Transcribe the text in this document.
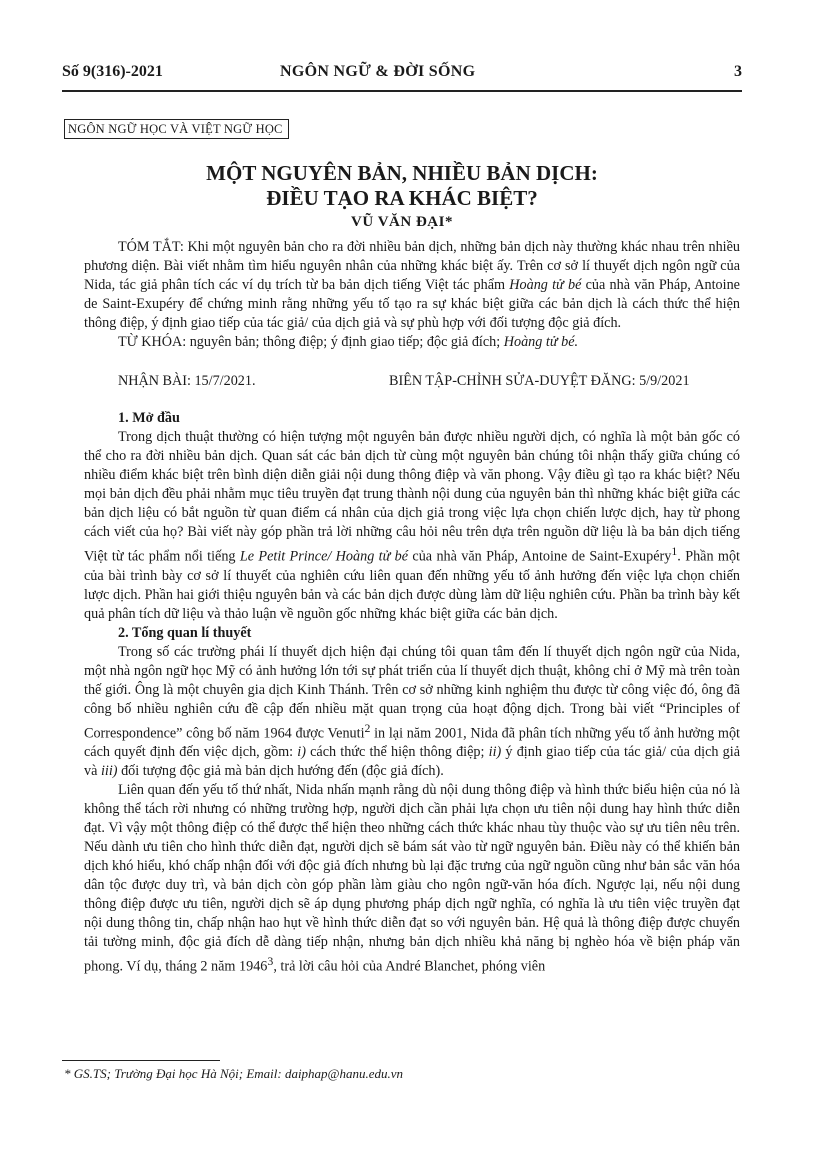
Số 9(316)-2021	NGÔN NGỮ & ĐỜI SỐNG	3
NGÔN NGỮ HỌC VÀ VIỆT NGỮ HỌC
MỘT NGUYÊN BẢN, NHIỀU BẢN DỊCH:
ĐIỀU TẠO RA KHÁC BIỆT?
VŨ VĂN ĐẠI*

TÓM TẮT: Khi một nguyên bản cho ra đời nhiều bản dịch, những bản dịch này thường khác nhau trên nhiều phương diện. Bài viết nhằm tìm hiểu nguyên nhân của những khác biệt ấy. Trên cơ sở lí thuyết dịch ngôn ngữ của Nida, tác giả phân tích các ví dụ trích từ ba bản dịch tiếng Việt tác phẩm Hoàng tử bé của nhà văn Pháp, Antoine de Saint-Exupéry để chứng minh rằng những yếu tố tạo ra sự khác biệt giữa các bản dịch là cách thức thể hiện thông điệp, ý định giao tiếp của tác giả/ của dịch giả và sự phù hợp với đối tượng độc giả đích.

TỪ KHÓA: nguyên bản; thông điệp; ý định giao tiếp; độc giả đích; Hoàng tử bé.

NHẬN BÀI: 15/7/2021.	BIÊN TẬP-CHỈNH SỬA-DUYỆT ĐĂNG: 5/9/2021
1. Mở đầu

Trong dịch thuật thường có hiện tượng một nguyên bản được nhiều người dịch, có nghĩa là một bản gốc có thể cho ra đời nhiều bản dịch. Quan sát các bản dịch từ cùng một nguyên bản chúng tôi nhận thấy giữa chúng có nhiều điểm khác biệt trên bình diện diễn giải nội dung thông điệp và văn phong. Vậy điều gì tạo ra khác biệt? Nếu mọi bản dịch đều phải nhằm mục tiêu truyền đạt trung thành nội dung của nguyên bản thì những khác biệt giữa các bản dịch liệu có bắt nguồn từ quan điểm cá nhân của dịch giả trong việc lựa chọn chiến lược dịch, hay từ phong cách viết của họ? Bài viết này góp phần trả lời những câu hỏi nêu trên dựa trên nguồn dữ liệu là ba bản dịch tiếng Việt từ tác phẩm nổi tiếng Le Petit Prince/ Hoàng tử bé của nhà văn Pháp, Antoine de Saint-Exupéry$^1$. Phần một của bài trình bày cơ sở lí thuyết của nghiên cứu liên quan đến những yếu tố ảnh hưởng đến việc lựa chọn chiến lược dịch. Phần hai giới thiệu nguyên bản và các bản dịch được dùng làm dữ liệu nghiên cứu. Phần ba trình bày kết quả phân tích dữ liệu và thảo luận về nguồn gốc những khác biệt giữa các bản dịch.

2. Tổng quan lí thuyết

Trong số các trường phái lí thuyết dịch hiện đại chúng tôi quan tâm đến lí thuyết dịch ngôn ngữ của Nida, một nhà ngôn ngữ học Mỹ có ảnh hưởng lớn tới sự phát triển của lí thuyết dịch thuật, không chỉ ở Mỹ mà trên toàn thế giới. Ông là một chuyên gia dịch Kinh Thánh. Trên cơ sở những kinh nghiệm thu được từ công việc đó, ông đã công bố nhiều nghiên cứu đề cập đến nhiều mặt quan trọng của hoạt động dịch. Trong bài viết “Principles of Correspondence” công bố năm 1964 được Venuti$^2$ in lại năm 2001, Nida đã phân tích những yếu tố ảnh hưởng một cách quyết định đến việc dịch, gồm: i) cách thức thể hiện thông điệp; ii) ý định giao tiếp của tác giả/ của dịch giả và iii) đối tượng độc giả mà bản dịch hướng đến (độc giả đích).

Liên quan đến yếu tố thứ nhất, Nida nhấn mạnh rằng dù nội dung thông điệp và hình thức biểu hiện của nó là không thể tách rời nhưng có những trường hợp, người dịch cần phải lựa chọn ưu tiên nội dung hay hình thức diễn đạt. Vì vậy một thông điệp có thể được thể hiện theo những cách thức khác nhau tùy thuộc vào sự ưu tiên nêu trên. Nếu dành ưu tiên cho hình thức diễn đạt, người dịch sẽ bám sát vào từ ngữ nguyên bản. Điều này có thể khiến bản dịch khó hiểu, khó chấp nhận đối với độc giả đích nhưng bù lại đặc trưng của ngữ nguồn cũng như bản sắc văn hóa dân tộc được duy trì, và bản dịch còn góp phần làm giàu cho ngôn ngữ-văn hóa đích. Ngược lại, nếu nội dung thông điệp được ưu tiên, người dịch sẽ áp dụng phương pháp dịch ngữ nghĩa, có nghĩa là ưu tiên việc truyền đạt nội dung thông tin, chấp nhận hao hụt về hình thức diễn đạt so với nguyên bản. Hệ quả là thông điệp được chuyển tải tường minh, độc giả đích dễ dàng tiếp nhận, nhưng bản dịch nhiều khả năng bị nghèo hóa về biện pháp văn phong. Ví dụ, tháng 2 năm 1946$^3$, trả lời câu hỏi của André Blanchet, phóng viên

* GS.TS; Trường Đại học Hà Nội; Email: daiphap@hanu.edu.vn
